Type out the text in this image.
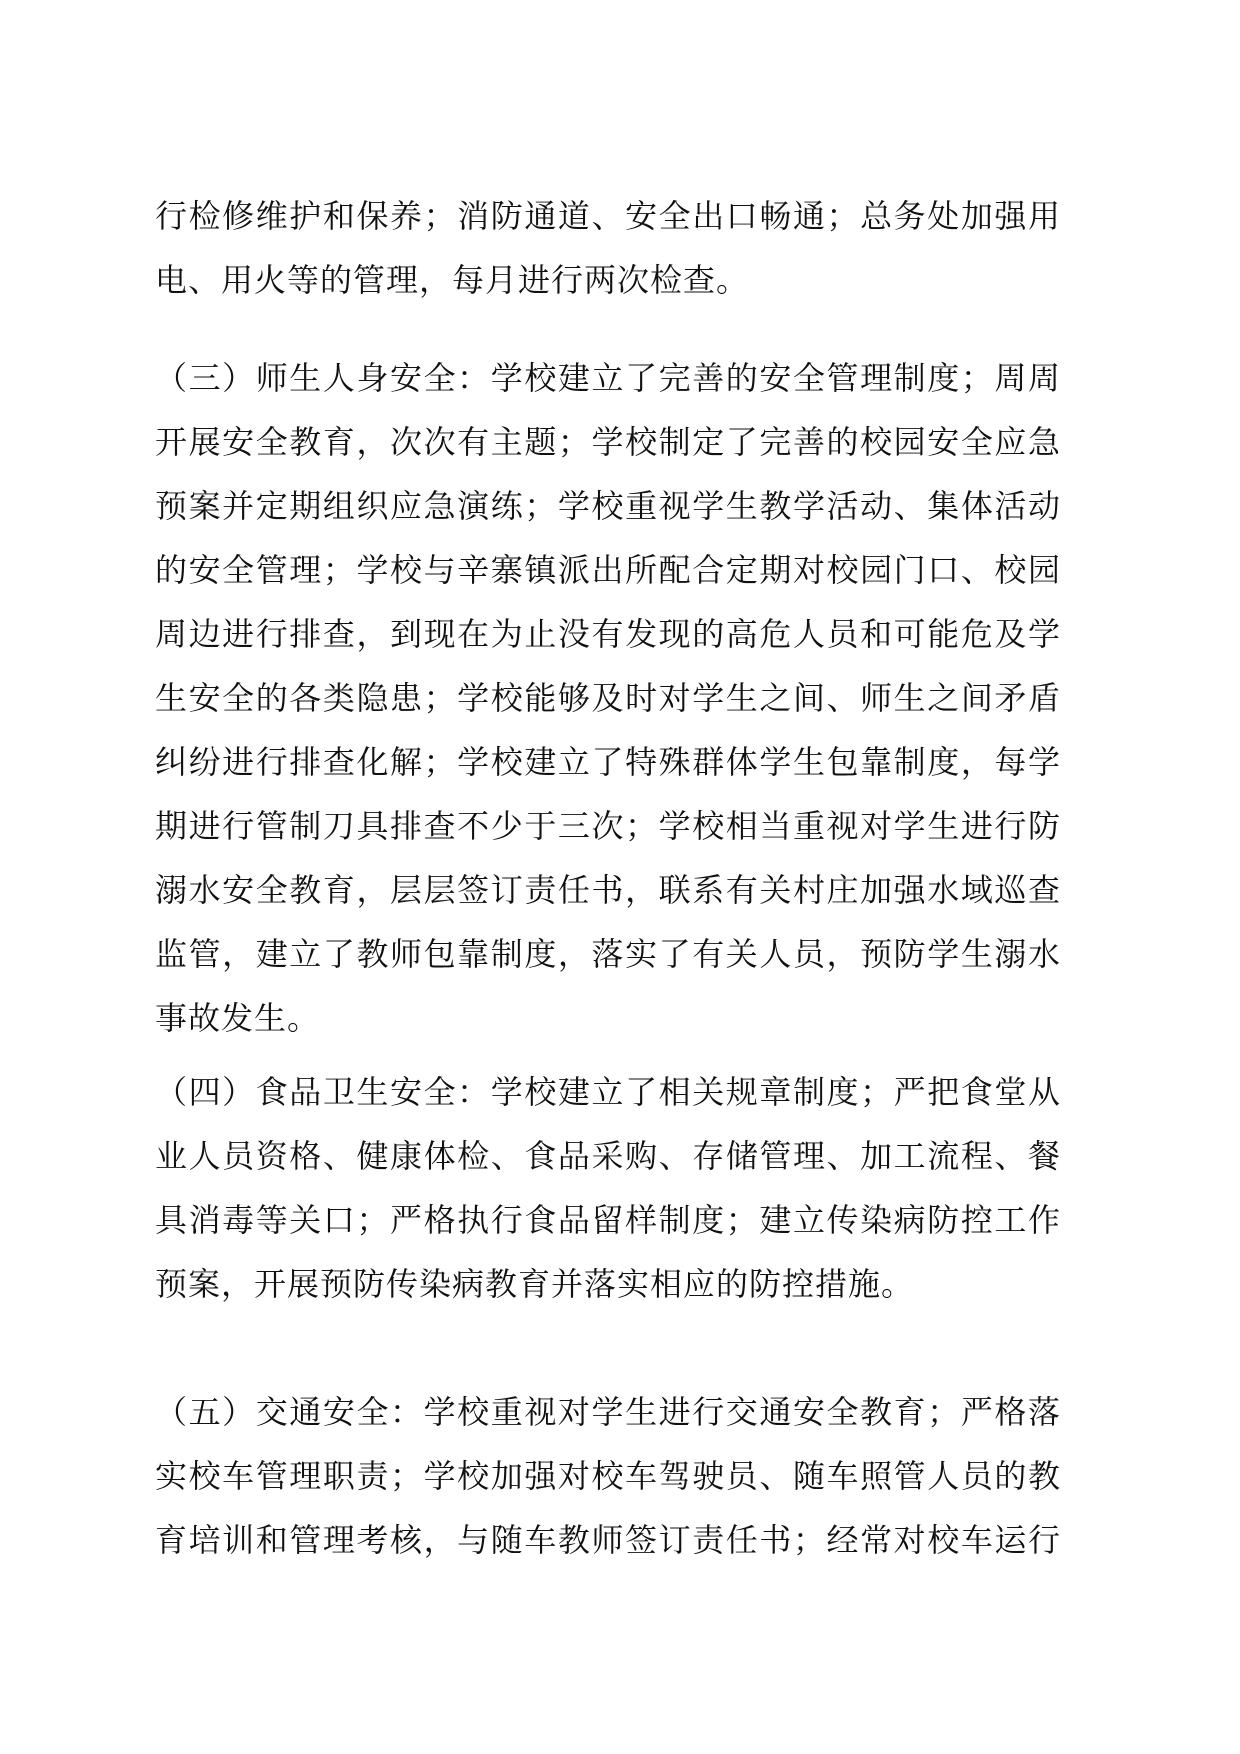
行检修维护和保养；消防通道、安全出口畅通；总务处加强用
电、用火等的管理，每月进行两次检查。
（三）师生人身安全：学校建立了完善的安全管理制度；周周
开展安全教育，次次有主题；学校制定了完善的校园安全应急
预案并定期组织应急演练；学校重视学生教学活动、集体活动
的安全管理；学校与辛寨镇派出所配合定期对校园门口、校园
周边进行排查，到现在为止没有发现的高危人员和可能危及学
生安全的各类隐患；学校能够及时对学生之间、师生之间矛盾
纠纷进行排查化解；学校建立了特殊群体学生包靠制度，每学
期进行管制刀具排查不少于三次；学校相当重视对学生进行防
溺水安全教育，层层签订责任书，联系有关村庄加强水域巡查
监管，建立了教师包靠制度，落实了有关人员，预防学生溺水
事故发生。
（四）食品卫生安全：学校建立了相关规章制度；严把食堂从
业人员资格、健康体检、食品采购、存储管理、加工流程、餐
具消毒等关口；严格执行食品留样制度；建立传染病防控工作
预案，开展预防传染病教育并落实相应的防控措施。
（五）交通安全：学校重视对学生进行交通安全教育；严格落
实校车管理职责；学校加强对校车驾驶员、随车照管人员的教
育培训和管理考核，与随车教师签订责任书；经常对校车运行
